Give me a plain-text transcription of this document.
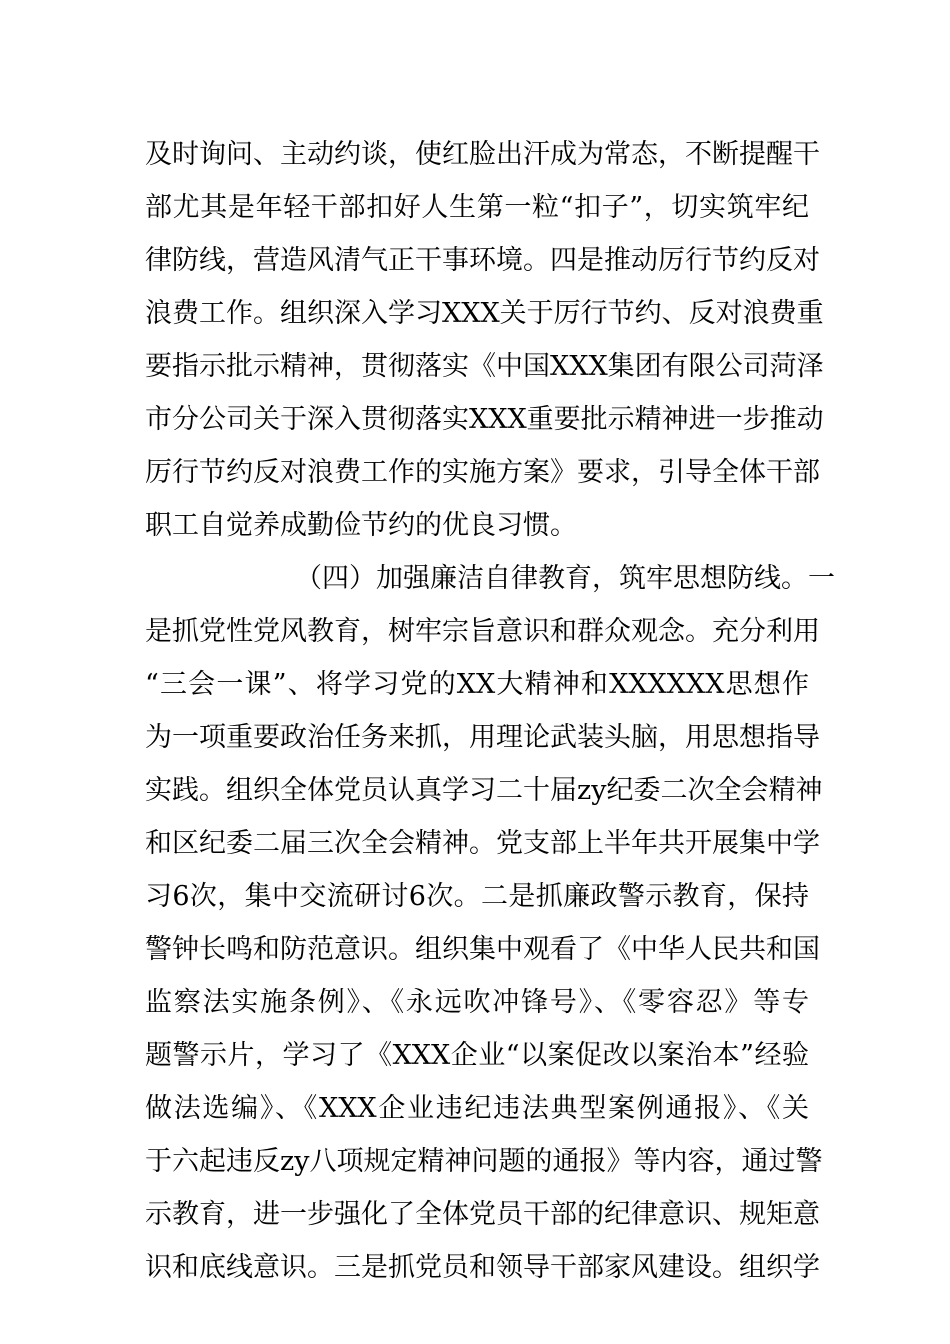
及时询问、主动约谈，使红脸出汗成为常态，不断提醒干
部尤其是年轻干部扣好人生第一粒“扣子”，切实筑牢纪
律防线，营造风清气正干事环境。四是推动厉行节约反对
浪费工作。组织深入学习XXX关于厉行节约、反对浪费重
要指示批示精神，贯彻落实《中国XXX集团有限公司菏泽
市分公司关于深入贯彻落实XXX重要批示精神进一步推动
厉行节约反对浪费工作的实施方案》要求，引导全体干部
职工自觉养成勤俭节约的优良习惯。
（四）加强廉洁自律教育，筑牢思想防线。一
是抓党性党风教育，树牢宗旨意识和群众观念。充分利用
“三会一课”、将学习党的XX大精神和XXXXXX思想作
为一项重要政治任务来抓，用理论武装头脑，用思想指导
实践。组织全体党员认真学习二十届zy纪委二次全会精神
和区纪委二届三次全会精神。党支部上半年共开展集中学
习6次，集中交流研讨6次。二是抓廉政警示教育，保持
警钟长鸣和防范意识。组织集中观看了《中华人民共和国
监察法实施条例》、《永远吹冲锋号》、《零容忍》等专
题警示片，学习了《XXX企业“以案促改以案治本”经验
做法选编》、《XXX企业违纪违法典型案例通报》、《关
于六起违反zy八项规定精神问题的通报》等内容，通过警
示教育，进一步强化了全体党员干部的纪律意识、规矩意
识和底线意识。三是抓党员和领导干部家风建设。组织学
